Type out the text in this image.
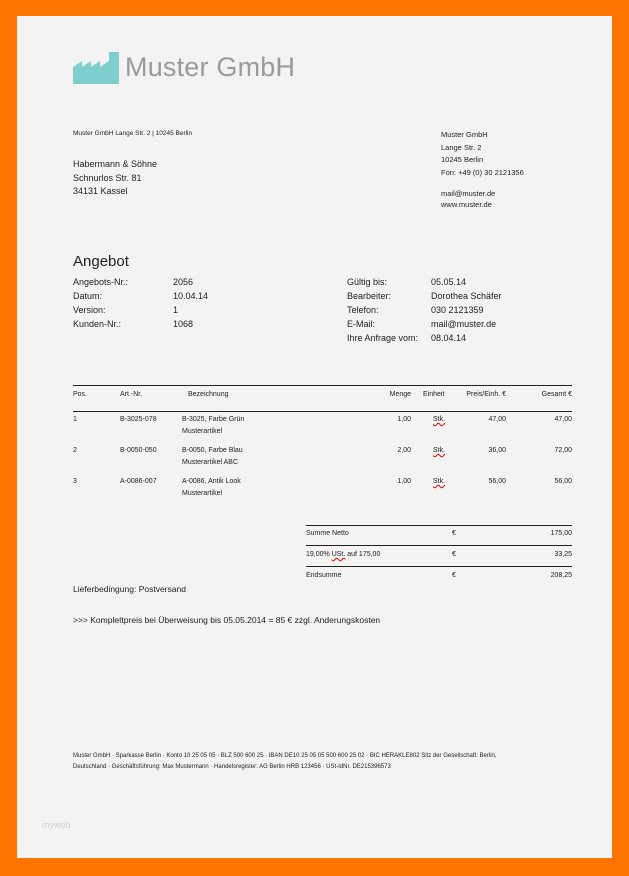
Muster GmbH
Muster GmbH Lange Str. 2 | 10245 Berlin
Habermann & Söhne
Schnurlos Str. 81
34131 Kassel
Muster GmbH
Lange Str. 2
10245 Berlin
Fon: +49 (0) 30 2121356
mail@muster.de
www.muster.de
Angebot
Angebots-Nr.:	2056
Datum:	10.04.14
Version:	1
Kunden-Nr.:	1068
Gültig bis:	05.05.14
Bearbeiter:	Dorothea Schäfer
Telefon:	030 2121359
E-Mail:	mail@muster.de
Ihre Anfrage vom: 08.04.14
Pos.	Art.-Nr.	Bezeichnung	Menge Einheit	Preis/Einh. €	Gesamt €
1	B-3025-078	B-3025, Farbe Grün
Musterartikel
1,00	Stk.	47,00	47,00
2	B-0050-050	B-0050, Farbe Blau
Musterartikel ABC
2,00	Stk.	36,00	72,00
3	A-0086-007	A-0086, Antik Look
Musterartikel
1,00	Stk.	56,00	56,00
Summe Netto	€	175,00
19,00% USt. auf 175,00	€	33,25
Endsumme	€	208,25
Lieferbedingung: Postversand
>>> Komplettpreis bei Überweisung bis 05.05.2014 = 85 € zzgl. Anderungskosten
Muster GmbH · Sparkasse Berlin · Konto 10 25 05 05 · BLZ 500 600 25 · IBAN DE10 25 05 05 500 600 25 02 · BIC HERAKLE802 Sitz der Gesellschaft: Berlin,
Deutschland · Geschäftsführung: Max Mustermann · Handelsregister: AG Berlin HRB 123456 · USt-IdNr. DE215396573
myweb
